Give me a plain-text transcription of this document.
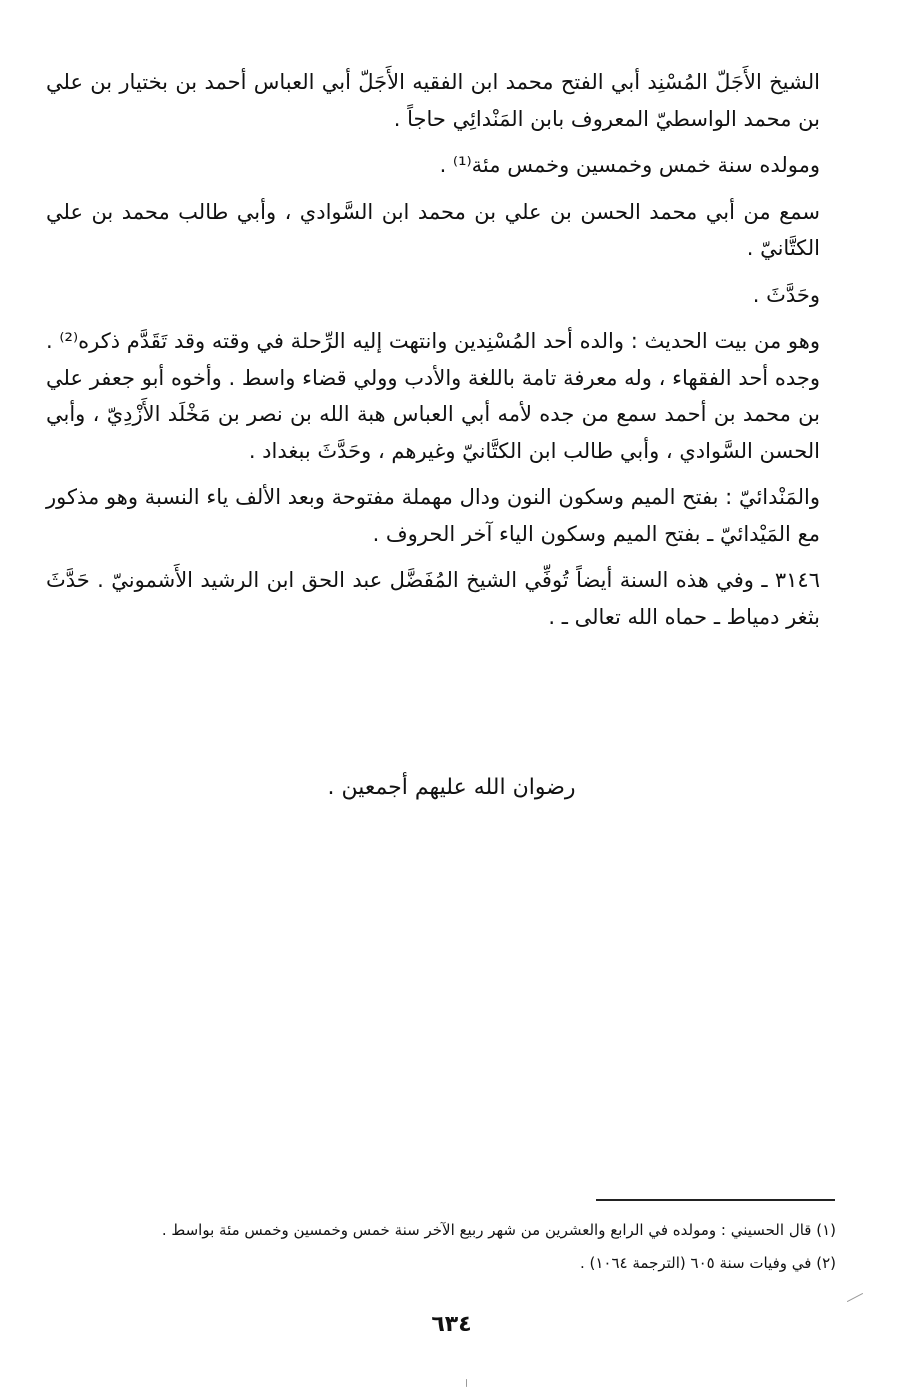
الشيخ الأَجَلّ المُسْنِد أبي الفتح محمد ابن الفقيه الأَجَلّ أبي العباس أحمد بن بختيار بن علي بن محمد الواسطيّ المعروف بابن المَنْدائِي حاجاً .

ومولده سنة خمس وخمسين وخمس مئة⁽¹⁾ .

سمع من أبي محمد الحسن بن علي بن محمد ابن السَّوادي ، وأبي طالب محمد بن علي الكتَّانيّ .

وحَدَّثَ .

وهو من بيت الحديث : والده أحد المُسْنِدين وانتهت إليه الرِّحلة في وقته وقد تَقَدَّم ذكره⁽²⁾ . وجده أحد الفقهاء ، وله معرفة تامة باللغة والأدب وولي قضاء واسط . وأخوه أبو جعفر علي بن محمد بن أحمد سمع من جده لأمه أبي العباس هبة الله بن نصر بن مَخْلَد الأَزْدِيّ ، وأبي الحسن السَّوادي ، وأبي طالب ابن الكتَّانيّ وغيرهم ، وحَدَّثَ ببغداد .

والمَنْدائيّ : بفتح الميم وسكون النون ودال مهملة مفتوحة وبعد الألف ياء النسبة وهو مذكور مع المَيْدائيّ ـ بفتح الميم وسكون الياء آخر الحروف .

٣١٤٦ ـ وفي هذه السنة أيضاً تُوفِّي الشيخ المُفَضَّل عبد الحق ابن الرشيد الأَشمونيّ . حَدَّثَ بثغر دمياط ـ حماه الله تعالى ـ .

رضوان الله عليهم أجمعين .

(١) قال الحسيني : ومولده في الرابع والعشرين من شهر ربيع الآخر سنة خمس وخمسين وخمس مئة بواسط .

(٢) في وفيات سنة ٦٠٥ (الترجمة ١٠٦٤) .

٦٣٤
